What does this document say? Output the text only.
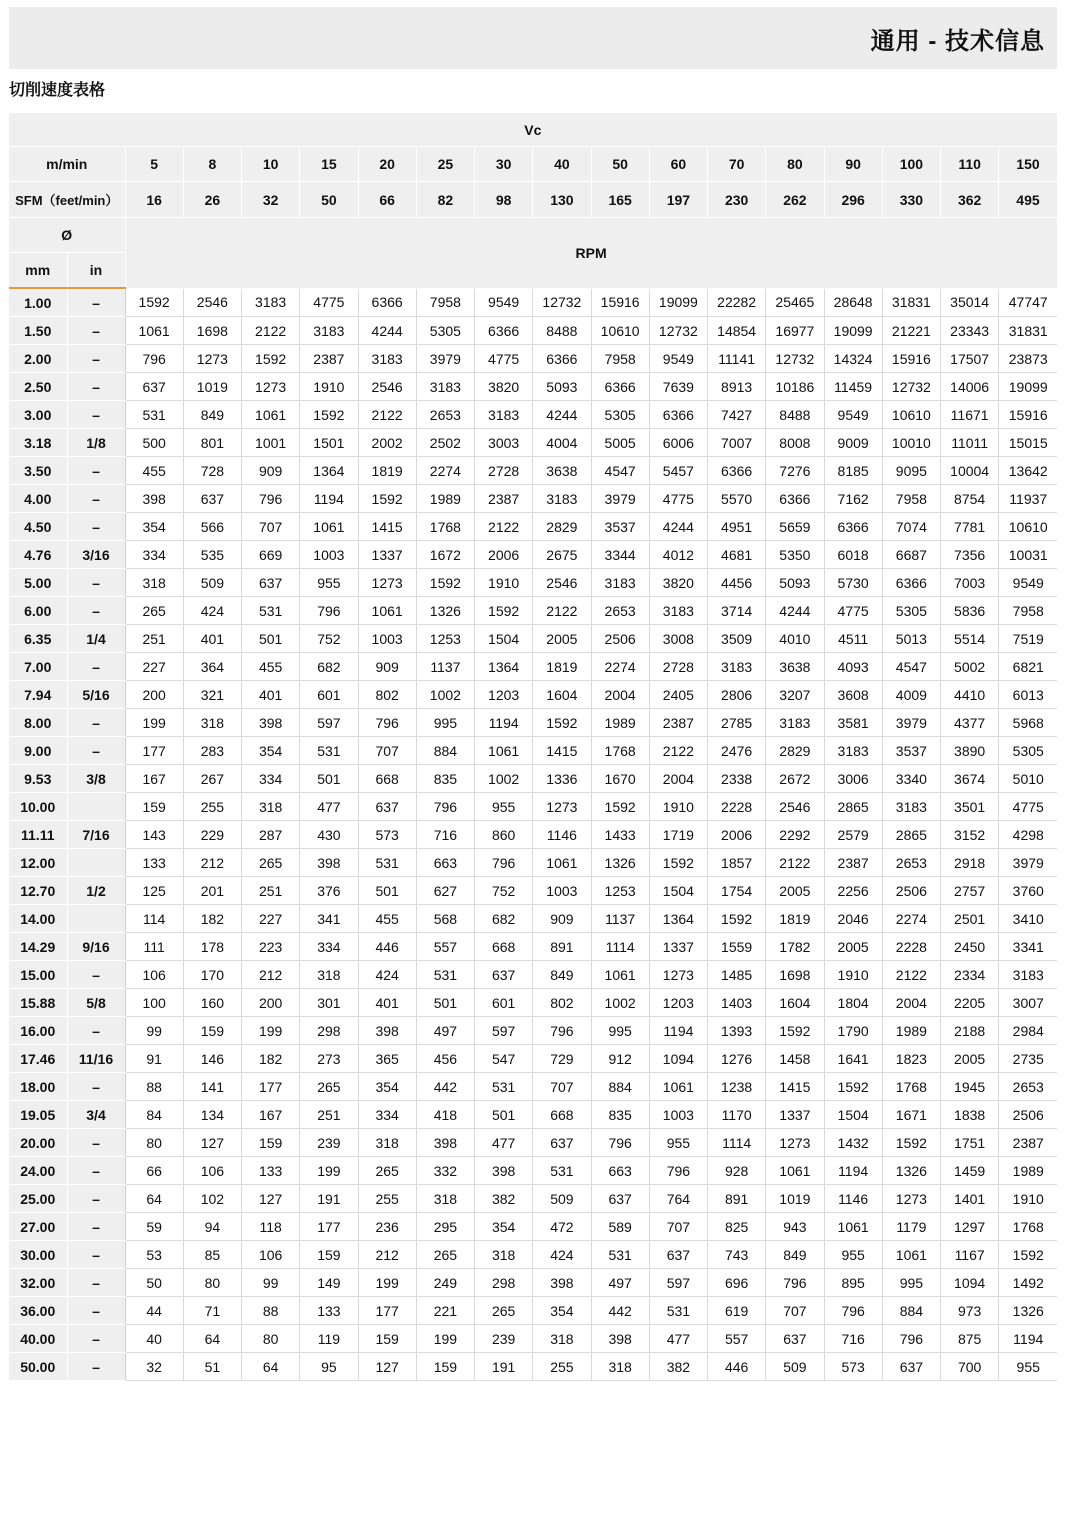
通用 - 技术信息
切削速度表格
Vc																	
m/min		5	8	10	15	20	25	30	40	50	60	70	80	90	100	110	150
SFM（feet/min）		16	26	32	50	66	82	98	130	165	197	230	262	296	330	362	495
Ø		RPM															
mm	in																
1.00	–	1592	2546	3183	4775	6366	7958	9549	12732	15916	19099	22282	25465	28648	31831	35014	47747
1.50	–	1061	1698	2122	3183	4244	5305	6366	8488	10610	12732	14854	16977	19099	21221	23343	31831
2.00	–	796	1273	1592	2387	3183	3979	4775	6366	7958	9549	11141	12732	14324	15916	17507	23873
2.50	–	637	1019	1273	1910	2546	3183	3820	5093	6366	7639	8913	10186	11459	12732	14006	19099
3.00	–	531	849	1061	1592	2122	2653	3183	4244	5305	6366	7427	8488	9549	10610	11671	15916
3.18	1/8	500	801	1001	1501	2002	2502	3003	4004	5005	6006	7007	8008	9009	10010	11011	15015
3.50	–	455	728	909	1364	1819	2274	2728	3638	4547	5457	6366	7276	8185	9095	10004	13642
4.00	–	398	637	796	1194	1592	1989	2387	3183	3979	4775	5570	6366	7162	7958	8754	11937
4.50	–	354	566	707	1061	1415	1768	2122	2829	3537	4244	4951	5659	6366	7074	7781	10610
4.76	3/16	334	535	669	1003	1337	1672	2006	2675	3344	4012	4681	5350	6018	6687	7356	10031
5.00	–	318	509	637	955	1273	1592	1910	2546	3183	3820	4456	5093	5730	6366	7003	9549
6.00	–	265	424	531	796	1061	1326	1592	2122	2653	3183	3714	4244	4775	5305	5836	7958
6.35	1/4	251	401	501	752	1003	1253	1504	2005	2506	3008	3509	4010	4511	5013	5514	7519
7.00	–	227	364	455	682	909	1137	1364	1819	2274	2728	3183	3638	4093	4547	5002	6821
7.94	5/16	200	321	401	601	802	1002	1203	1604	2004	2405	2806	3207	3608	4009	4410	6013
8.00	–	199	318	398	597	796	995	1194	1592	1989	2387	2785	3183	3581	3979	4377	5968
9.00	–	177	283	354	531	707	884	1061	1415	1768	2122	2476	2829	3183	3537	3890	5305
9.53	3/8	167	267	334	501	668	835	1002	1336	1670	2004	2338	2672	3006	3340	3674	5010
10.00		159	255	318	477	637	796	955	1273	1592	1910	2228	2546	2865	3183	3501	4775
11.11	7/16	143	229	287	430	573	716	860	1146	1433	1719	2006	2292	2579	2865	3152	4298
12.00		133	212	265	398	531	663	796	1061	1326	1592	1857	2122	2387	2653	2918	3979
12.70	1/2	125	201	251	376	501	627	752	1003	1253	1504	1754	2005	2256	2506	2757	3760
14.00		114	182	227	341	455	568	682	909	1137	1364	1592	1819	2046	2274	2501	3410
14.29	9/16	111	178	223	334	446	557	668	891	1114	1337	1559	1782	2005	2228	2450	3341
15.00	–	106	170	212	318	424	531	637	849	1061	1273	1485	1698	1910	2122	2334	3183
15.88	5/8	100	160	200	301	401	501	601	802	1002	1203	1403	1604	1804	2004	2205	3007
16.00	–	99	159	199	298	398	497	597	796	995	1194	1393	1592	1790	1989	2188	2984
17.46	11/16	91	146	182	273	365	456	547	729	912	1094	1276	1458	1641	1823	2005	2735
18.00	–	88	141	177	265	354	442	531	707	884	1061	1238	1415	1592	1768	1945	2653
19.05	3/4	84	134	167	251	334	418	501	668	835	1003	1170	1337	1504	1671	1838	2506
20.00	–	80	127	159	239	318	398	477	637	796	955	1114	1273	1432	1592	1751	2387
24.00	–	66	106	133	199	265	332	398	531	663	796	928	1061	1194	1326	1459	1989
25.00	–	64	102	127	191	255	318	382	509	637	764	891	1019	1146	1273	1401	1910
27.00	–	59	94	118	177	236	295	354	472	589	707	825	943	1061	1179	1297	1768
30.00	–	53	85	106	159	212	265	318	424	531	637	743	849	955	1061	1167	1592
32.00	–	50	80	99	149	199	249	298	398	497	597	696	796	895	995	1094	1492
36.00	–	44	71	88	133	177	221	265	354	442	531	619	707	796	884	973	1326
40.00	–	40	64	80	119	159	199	239	318	398	477	557	637	716	796	875	1194
50.00	–	32	51	64	95	127	159	191	255	318	382	446	509	573	637	700	955
